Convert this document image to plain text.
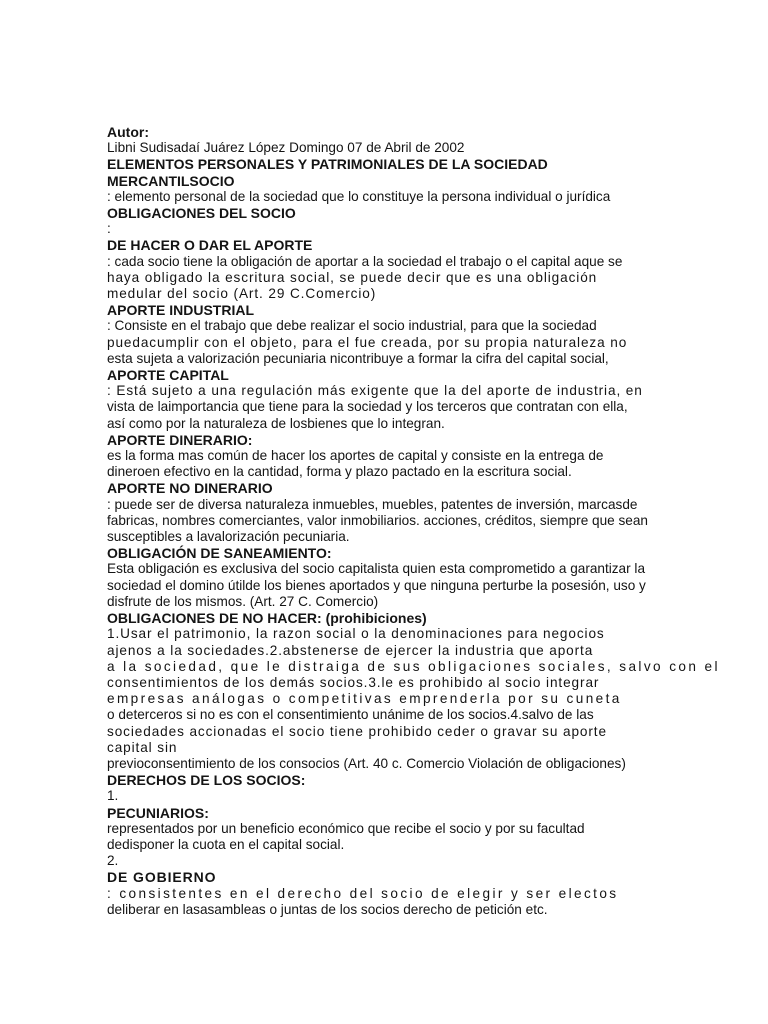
Autor:
Libni Sudisadaí Juárez López Domingo 07 de Abril de 2002
ELEMENTOS PERSONALES Y PATRIMONIALES DE LA SOCIEDAD
MERCANTILSOCIO
: elemento personal de la sociedad que lo constituye la persona individual o jurídica
OBLIGACIONES DEL SOCIO
:
DE HACER O DAR EL APORTE
: cada socio tiene la obligación de aportar a la sociedad el trabajo o el capital aque se
haya obligado la escritura social, se puede decir que es una obligación
medular del socio (Art. 29 C.Comercio)
APORTE INDUSTRIAL
: Consiste en el trabajo que debe realizar el socio industrial, para que la sociedad
puedacumplir con el objeto, para el fue creada, por su propia naturaleza no
esta sujeta a valorización pecuniaria nicontribuye a formar la cifra del capital social,
APORTE CAPITAL
: Está sujeto a una regulación más exigente que la del aporte de industria, en
vista de laimportancia que tiene para la sociedad y los terceros que contratan con ella,
así como por la naturaleza de losbienes que lo integran.
APORTE DINERARIO:
es la forma mas común de hacer los aportes de capital y consiste en la entrega de
dineroen efectivo en la cantidad, forma y plazo pactado en la escritura social.
APORTE NO DINERARIO
: puede ser de diversa naturaleza inmuebles, muebles, patentes de inversión, marcasde
fabricas, nombres comerciantes, valor inmobiliarios. acciones, créditos, siempre que sean
susceptibles a lavalorización pecuniaria.
OBLIGACIÓN DE SANEAMIENTO:
Esta obligación es exclusiva del socio capitalista quien esta comprometido a garantizar la
sociedad el domino útilde los bienes aportados y que ninguna perturbe la posesión, uso y
disfrute de los mismos. (Art. 27 C. Comercio)
OBLIGACIONES DE NO HACER: (prohibiciones)
1.Usar el patrimonio, la razon social o la denominaciones para negocios
ajenos a la sociedades.2.abstenerse de ejercer la industria que aporta
a la sociedad, que le distraiga de sus obligaciones sociales, salvo con el
consentimientos de los demás socios.3.le es prohibido al socio integrar
empresas análogas o competitivas emprenderla por su cuneta
o deterceros si no es con el consentimiento unánime de los socios.4.salvo de las
sociedades accionadas el socio tiene prohibido ceder o gravar su aporte
capital sin
previoconsentimiento de los consocios (Art. 40 c. Comercio Violación de obligaciones)
DERECHOS DE LOS SOCIOS:
1.
PECUNIARIOS:
representados por un beneficio económico que recibe el socio y por su facultad
dedisponer la cuota en el capital social.
2.
DE GOBIERNO
: consistentes en el derecho del socio de elegir y ser electos
deliberar en lasasambleas o juntas de los socios derecho de petición etc.
